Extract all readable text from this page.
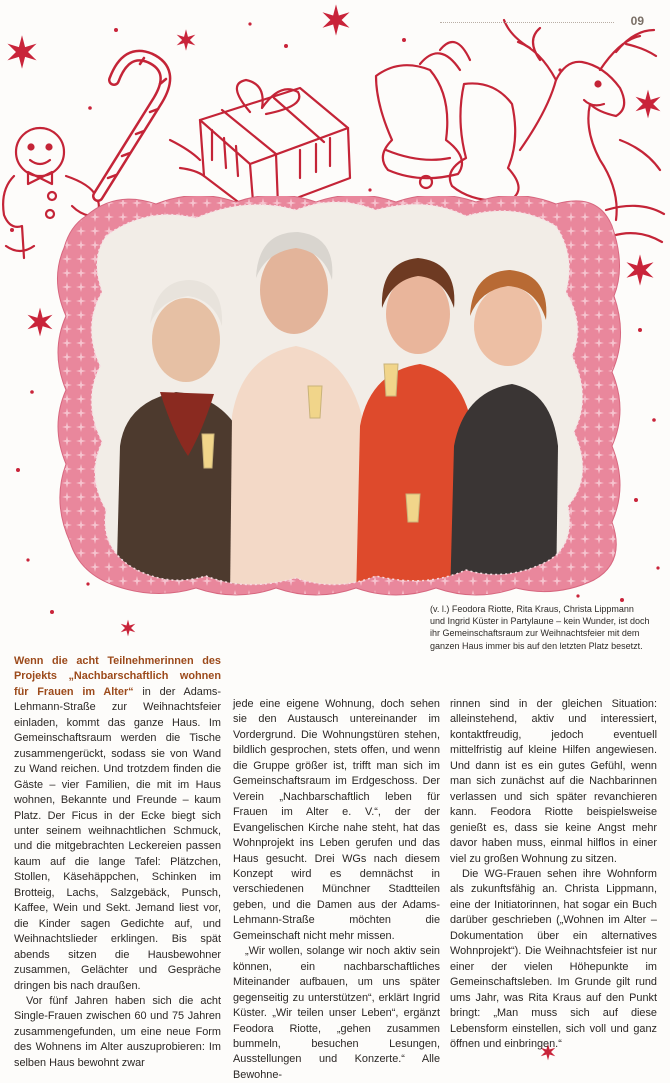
09
(v. l.) Feodora Riotte, Rita Kraus, Christa Lippmann und Ingrid Küster in Partylaune – kein Wunder, ist doch ihr Gemeinschaftsraum zur Weihnachtsfeier mit dem ganzen Haus immer bis auf den letzten Platz besetzt.

Wenn die acht Teilnehmerinnen des Projekts „Nachbarschaftlich wohnen für Frauen im Alter“ in der Adams-Lehmann-Straße zur Weihnachtsfeier einladen, kommt das ganze Haus. Im Gemeinschaftsraum werden die Tische zusammengerückt, sodass sie von Wand zu Wand reichen. Und trotzdem finden die Gäste – vier Familien, die mit im Haus wohnen, Bekannte und Freunde – kaum Platz. Der Ficus in der Ecke biegt sich unter seinem weihnachtlichen Schmuck, und die mitgebrachten Leckereien passen kaum auf die lange Tafel: Plätzchen, Stollen, Käsehäppchen, Schinken im Brotteig, Lachs, Salzgebäck, Punsch, Kaffee, Wein und Sekt. Jemand liest vor, die Kinder sagen Gedichte auf, und Weihnachtslieder erklingen. Bis spät abends sitzen die Hausbewohner zusammen, Gelächter und Gespräche dringen bis nach draußen.

Vor fünf Jahren haben sich die acht Single-Frauen zwischen 60 und 75 Jahren zusammengefunden, um eine neue Form des Wohnens im Alter auszuprobieren: Im selben Haus bewohnt zwar

jede eine eigene Wohnung, doch sehen sie den Austausch untereinander im Vordergrund. Die Wohnungstüren stehen, bildlich gesprochen, stets offen, und wenn die Gruppe größer ist, trifft man sich im Gemeinschaftsraum im Erdgeschoss. Der Verein „Nachbarschaftlich leben für Frauen im Alter e. V.“, der der Evangelischen Kirche nahe steht, hat das Wohnprojekt ins Leben gerufen und das Haus gesucht. Drei WGs nach diesem Konzept wird es demnächst in verschiedenen Münchner Stadtteilen geben, und die Damen aus der Adams-Lehmann-Straße möchten die Gemeinschaft nicht mehr missen.

„Wir wollen, solange wir noch aktiv sein können, ein nachbarschaftliches Miteinander aufbauen, um uns später gegenseitig zu unterstützen“, erklärt Ingrid Küster. „Wir teilen unser Leben“, ergänzt Feodora Riotte, „gehen zusammen bummeln, besuchen Lesungen, Ausstellungen und Konzerte.“ Alle Bewohne-

rinnen sind in der gleichen Situation: alleinstehend, aktiv und interessiert, kontaktfreudig, jedoch eventuell mittelfristig auf kleine Hilfen angewiesen. Und dann ist es ein gutes Gefühl, wenn man sich zunächst auf die Nachbarinnen verlassen und sich später revanchieren kann. Feodora Riotte beispielsweise genießt es, dass sie keine Angst mehr davor haben muss, einmal hilflos in einer viel zu großen Wohnung zu sitzen.

Die WG-Frauen sehen ihre Wohnform als zukunftsfähig an. Christa Lippmann, eine der Initiatorinnen, hat sogar ein Buch darüber geschrieben („Wohnen im Alter – Dokumentation über ein alternatives Wohnprojekt“). Die Weihnachtsfeier ist nur einer der vielen Höhepunkte im Gemeinschaftsleben. Im Grunde gilt rund ums Jahr, was Rita Kraus auf den Punkt bringt: „Man muss sich auf diese Lebensform einstellen, sich voll und ganz öffnen und einbringen.“
